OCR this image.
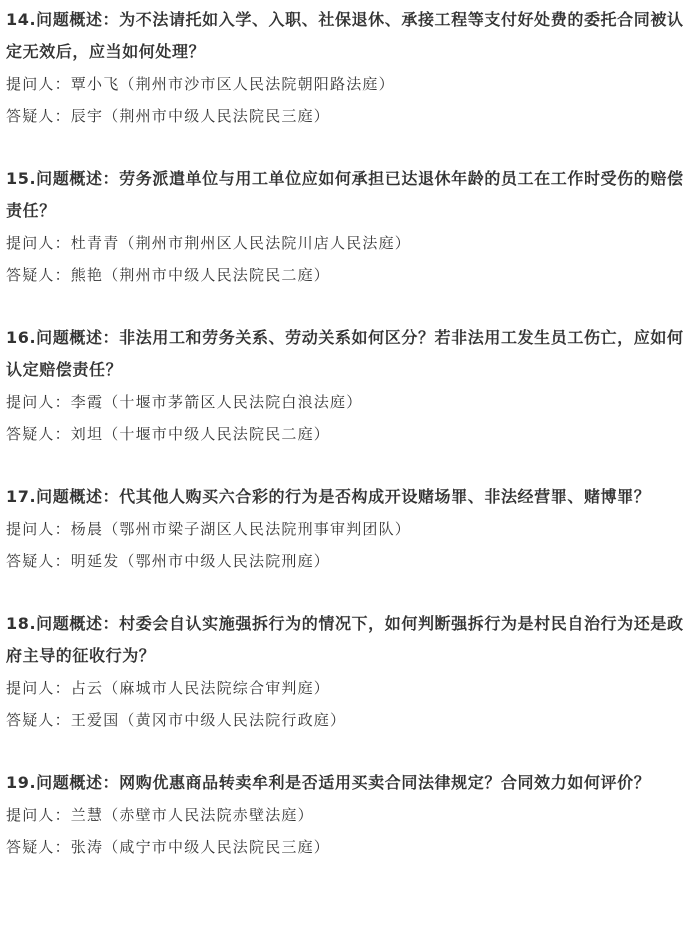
14.问题概述：为不法请托如入学、入职、社保退休、承接工程等支付好处费的委托合同被认定无效后，应当如何处理？

提问人：覃小飞（荆州市沙市区人民法院朝阳路法庭）

答疑人：辰宇（荆州市中级人民法院民三庭）

15.问题概述：劳务派遣单位与用工单位应如何承担已达退休年龄的员工在工作时受伤的赔偿责任？

提问人：杜青青（荆州市荆州区人民法院川店人民法庭）

答疑人：熊艳（荆州市中级人民法院民二庭）

16.问题概述：非法用工和劳务关系、劳动关系如何区分？若非法用工发生员工伤亡，应如何认定赔偿责任？

提问人：李霞（十堰市茅箭区人民法院白浪法庭）

答疑人：刘坦（十堰市中级人民法院民二庭）

17.问题概述：代其他人购买六合彩的行为是否构成开设赌场罪、非法经营罪、赌博罪？

提问人：杨晨（鄂州市梁子湖区人民法院刑事审判团队）

答疑人：明延发（鄂州市中级人民法院刑庭）

18.问题概述：村委会自认实施强拆行为的情况下，如何判断强拆行为是村民自治行为还是政府主导的征收行为？

提问人：占云（麻城市人民法院综合审判庭）

答疑人：王爱国（黄冈市中级人民法院行政庭）

19.问题概述：网购优惠商品转卖牟利是否适用买卖合同法律规定？合同效力如何评价？

提问人：兰慧（赤壁市人民法院赤壁法庭）

答疑人：张涛（咸宁市中级人民法院民三庭）
